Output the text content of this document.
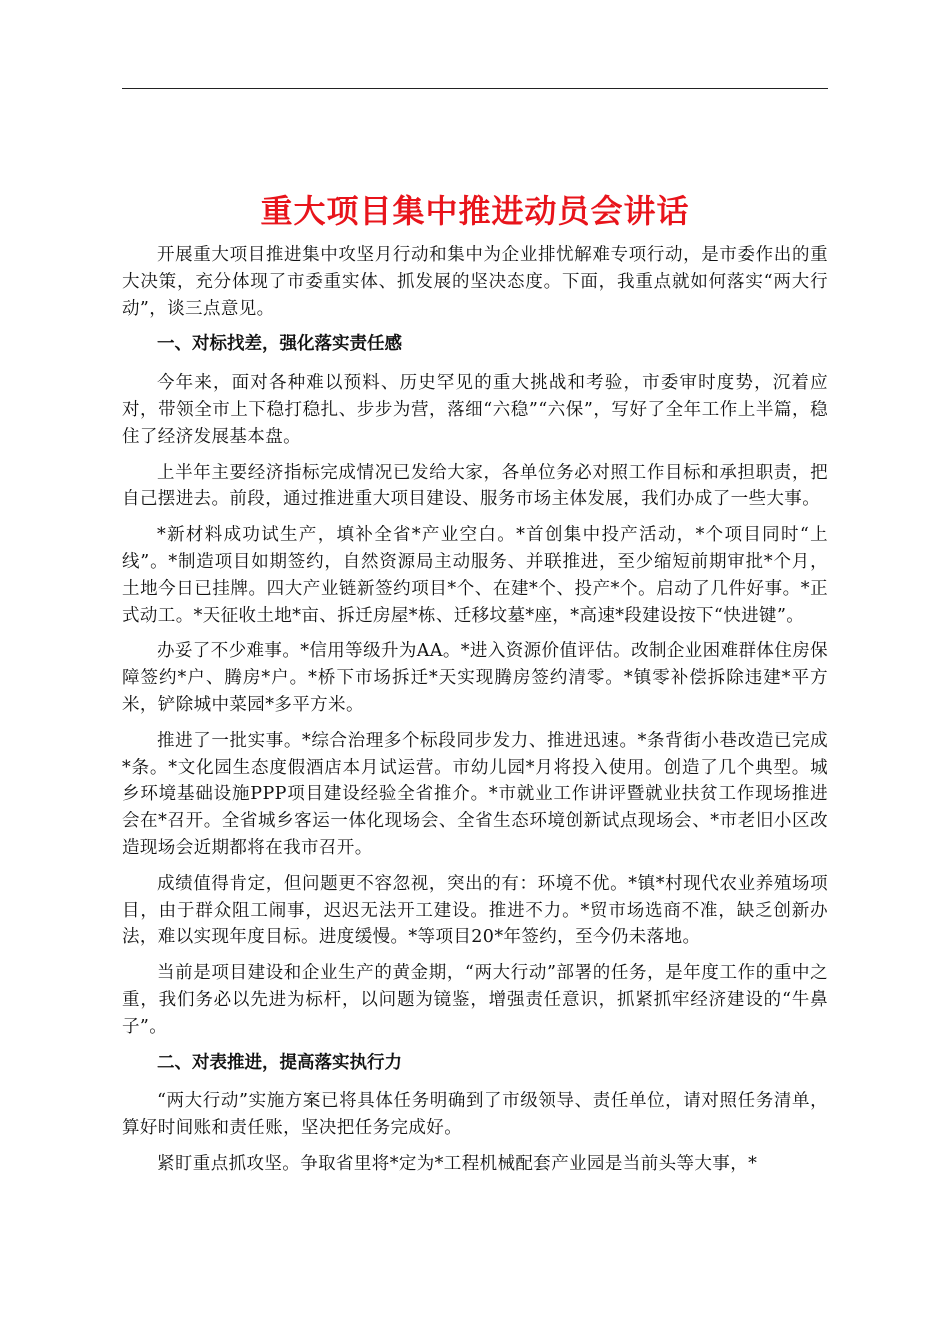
重大项目集中推进动员会讲话

开展重大项目推进集中攻坚月行动和集中为企业排忧解难专项行动，是市委作出的重大决策，充分体现了市委重实体、抓发展的坚决态度。下面，我重点就如何落实“两大行动”，谈三点意见。

一、对标找差，强化落实责任感

今年来，面对各种难以预料、历史罕见的重大挑战和考验，市委审时度势，沉着应对，带领全市上下稳打稳扎、步步为营，落细“六稳”“六保”，写好了全年工作上半篇，稳住了经济发展基本盘。

上半年主要经济指标完成情况已发给大家，各单位务必对照工作目标和承担职责，把自己摆进去。前段，通过推进重大项目建设、服务市场主体发展，我们办成了一些大事。

*新材料成功试生产，填补全省*产业空白。*首创集中投产活动，*个项目同时“上线”。*制造项目如期签约，自然资源局主动服务、并联推进，至少缩短前期审批*个月，土地今日已挂牌。四大产业链新签约项目*个、在建*个、投产*个。启动了几件好事。*正式动工。*天征收土地*亩、拆迁房屋*栋、迁移坟墓*座，*高速*段建设按下“快进键”。

办妥了不少难事。*信用等级升为AA。*进入资源价值评估。改制企业困难群体住房保障签约*户、腾房*户。*桥下市场拆迁*天实现腾房签约清零。*镇零补偿拆除违建*平方米，铲除城中菜园*多平方米。

推进了一批实事。*综合治理多个标段同步发力、推进迅速。*条背街小巷改造已完成*条。*文化园生态度假酒店本月试运营。市幼儿园*月将投入使用。创造了几个典型。城乡环境基础设施PPP项目建设经验全省推介。*市就业工作讲评暨就业扶贫工作现场推进会在*召开。全省城乡客运一体化现场会、全省生态环境创新试点现场会、*市老旧小区改造现场会近期都将在我市召开。

成绩值得肯定，但问题更不容忽视，突出的有：环境不优。*镇*村现代农业养殖场项目，由于群众阻工闹事，迟迟无法开工建设。推进不力。*贸市场选商不准，缺乏创新办法，难以实现年度目标。进度缓慢。*等项目20*年签约，至今仍未落地。

当前是项目建设和企业生产的黄金期，“两大行动”部署的任务，是年度工作的重中之重，我们务必以先进为标杆，以问题为镜鉴，增强责任意识，抓紧抓牢经济建设的“牛鼻子”。

二、对表推进，提高落实执行力

“两大行动”实施方案已将具体任务明确到了市级领导、责任单位，请对照任务清单，算好时间账和责任账，坚决把任务完成好。

紧盯重点抓攻坚。争取省里将*定为*工程机械配套产业园是当前头等大事，*
